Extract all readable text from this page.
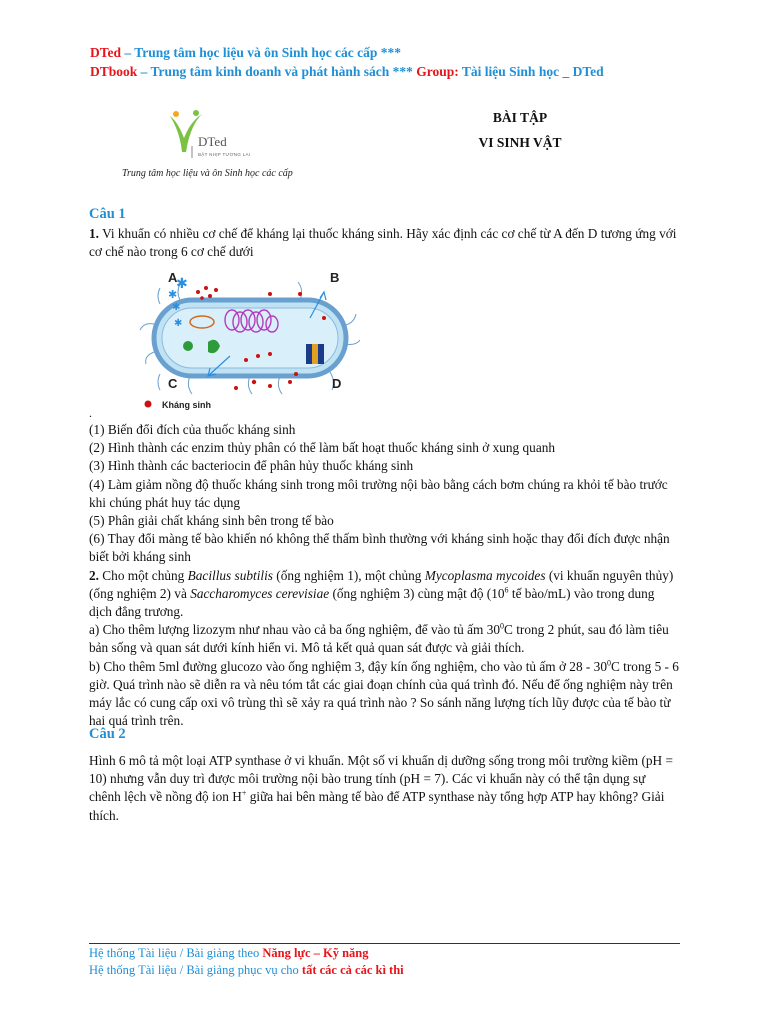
DTed – Trung tâm học liệu và ôn Sinh học các cấp ***
DTbook – Trung tâm kinh doanh và phát hành sách *** Group: Tài liệu Sinh học _ DTed
DTed
BẬT NHỊP TƯƠNG LAI
Trung tâm học liệu và ôn Sinh học các cấp
BÀI TẬP
VI SINH VẬT
Câu 1

1. Vi khuẩn có nhiều cơ chế để kháng lại thuốc kháng sinh. Hãy xác định các cơ chế từ A đến D tương ứng với cơ chế nào trong 6 cơ chế dưới

✱
✱
✱
✱
A	B
C	D
Kháng sinh
.

(1) Biến đổi đích của thuốc kháng sinh

(2) Hình thành các enzim thủy phân có thể làm bất hoạt thuốc kháng sinh ở xung quanh

(3) Hình thành các bacteriocin để phân hủy thuốc kháng sinh

(4) Làm giảm nồng độ thuốc kháng sinh trong môi trường nội bào bằng cách bơm chúng ra khỏi tế bào trước khi chúng phát huy tác dụng

(5) Phân giải chất kháng sinh bên trong tế bào

(6) Thay đổi màng tế bào khiến nó không thể thấm bình thường với kháng sinh hoặc thay đổi đích được nhận biết bởi kháng sinh

2. Cho một chủng Bacillus subtilis (ống nghiệm 1), một chủng Mycoplasma mycoides (vi khuẩn nguyên thủy) (ống nghiệm 2) và Saccharomyces cerevisiae (ống nghiệm 3) cùng mật độ ($10^6$ tế bào/mL) vào trong dung dịch đẳng trương.

a) Cho thêm lượng lizozym như nhau vào cả ba ống nghiệm, để vào tủ ấm $30^0C$ trong 2 phút, sau đó làm tiêu bản sống và quan sát dưới kính hiển vi. Mô tả kết quả quan sát được và giải thích.

b) Cho thêm 5ml đường glucozo vào ống nghiệm 3, đậy kín ống nghiệm, cho vào tủ ấm ở $28 - 30^0C$ trong 5 - 6 giờ. Quá trình nào sẽ diễn ra và nêu tóm tắt các giai đoạn chính của quá trình đó. Nếu để ống nghiệm này trên máy lắc có cung cấp oxi vô trùng thì sẽ xảy ra quá trình nào ? So sánh năng lượng tích lũy được của tế bào từ hai quá trình trên.

Câu 2

Hình 6 mô tả một loại ATP synthase ở vi khuẩn. Một số vi khuẩn dị dưỡng sống trong môi trường kiềm (pH = 10) nhưng vẫn duy trì được môi trường nội bào trung tính (pH = 7). Các vi khuẩn này có thể tận dụng sự chênh lệch về nồng độ ion H+ giữa hai bên màng tế bào để ATP synthase này tổng hợp ATP hay không? Giải thích.

Hệ thống Tài liệu / Bài giảng theo Năng lực – Kỹ năng
Hệ thống Tài liệu / Bài giảng phục vụ cho tất các cả các kì thi
